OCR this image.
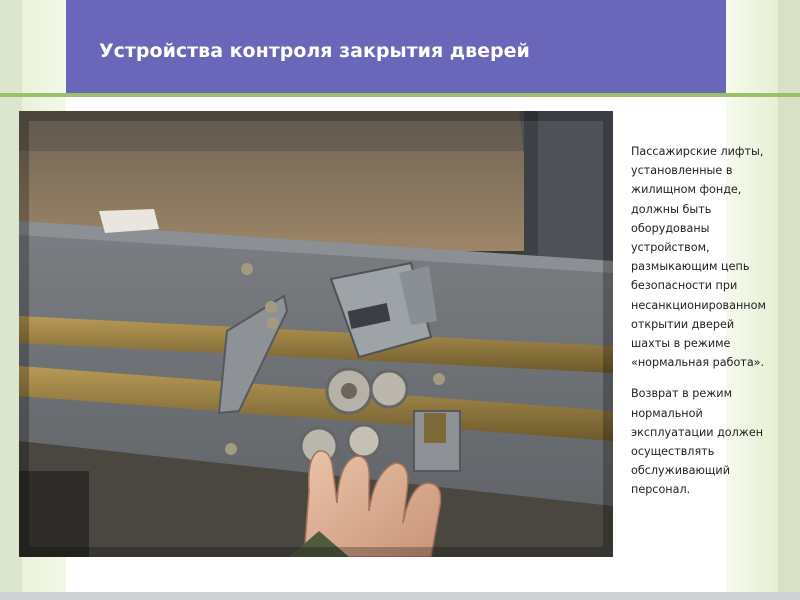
Устройства контроля закрытия дверей

Пассажирские лифты, установленные в жилищном фонде, должны быть оборудованы устройством, размыкающим цепь безопасности при несанкционированном открытии дверей шахты в режиме «нормальная работа».

Возврат в режим нормальной эксплуатации должен осуществлять обслуживающий персонал.
